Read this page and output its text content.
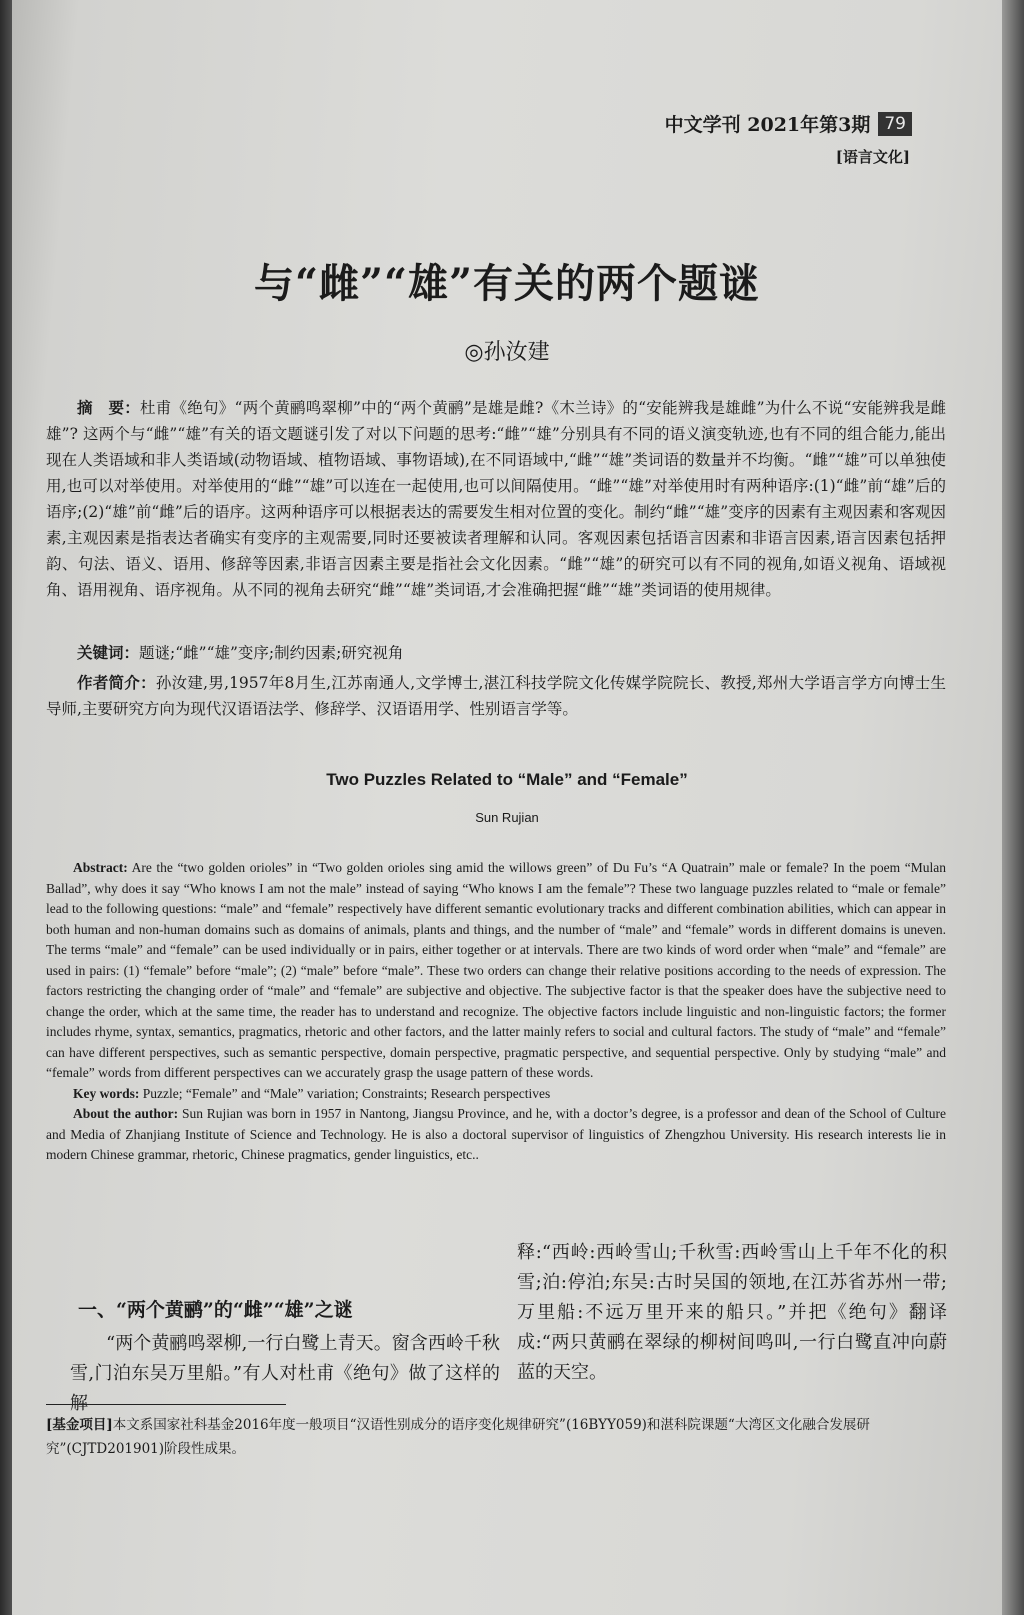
中文学刊 2021年第3期 79
[语言文化]
与“雌”“雄”有关的两个题谜
◎孙汝建

摘　要：杜甫《绝句》“两个黄鹂鸣翠柳”中的“两个黄鹂”是雄是雌?《木兰诗》的“安能辨我是雄雌”为什么不说“安能辨我是雌雄”? 这两个与“雌”“雄”有关的语文题谜引发了对以下问题的思考:“雌”“雄”分别具有不同的语义演变轨迹,也有不同的组合能力,能出现在人类语域和非人类语域(动物语域、植物语域、事物语域),在不同语域中,“雌”“雄”类词语的数量并不均衡。“雌”“雄”可以单独使用,也可以对举使用。对举使用的“雌”“雄”可以连在一起使用,也可以间隔使用。“雌”“雄”对举使用时有两种语序:(1)“雌”前“雄”后的语序;(2)“雄”前“雌”后的语序。这两种语序可以根据表达的需要发生相对位置的变化。制约“雌”“雄”变序的因素有主观因素和客观因素,主观因素是指表达者确实有变序的主观需要,同时还要被读者理解和认同。客观因素包括语言因素和非语言因素,语言因素包括押韵、句法、语义、语用、修辞等因素,非语言因素主要是指社会文化因素。“雌”“雄”的研究可以有不同的视角,如语义视角、语域视角、语用视角、语序视角。从不同的视角去研究“雌”“雄”类词语,才会准确把握“雌”“雄”类词语的使用规律。

关键词：题谜;“雌”“雄”变序;制约因素;研究视角

作者简介：孙汝建,男,1957年8月生,江苏南通人,文学博士,湛江科技学院文化传媒学院院长、教授,郑州大学语言学方向博士生导师,主要研究方向为现代汉语语法学、修辞学、汉语语用学、性别语言学等。

Two Puzzles Related to “Male” and “Female”
Sun Rujian

Abstract: Are the “two golden orioles” in “Two golden orioles sing amid the willows green” of Du Fu’s “A Quatrain” male or female? In the poem “Mulan Ballad”, why does it say “Who knows I am not the male” instead of saying “Who knows I am the female”? These two language puzzles related to “male or female” lead to the following questions: “male” and “female” respectively have different semantic evolutionary tracks and different combination abilities, which can appear in both human and non-human domains such as domains of animals, plants and things, and the number of “male” and “female” words in different domains is uneven. The terms “male” and “female” can be used individually or in pairs, either together or at intervals. There are two kinds of word order when “male” and “female” are used in pairs: (1) “female” before “male”; (2) “male” before “male”. These two orders can change their relative positions according to the needs of expression. The factors restricting the changing order of “male” and “female” are subjective and objective. The subjective factor is that the speaker does have the subjective need to change the order, which at the same time, the reader has to understand and recognize. The objective factors include linguistic and non-linguistic factors; the former includes rhyme, syntax, semantics, pragmatics, rhetoric and other factors, and the latter mainly refers to social and cultural factors. The study of “male” and “female” can have different perspectives, such as semantic perspective, domain perspective, pragmatic perspective, and sequential perspective. Only by studying “male” and “female” words from different perspectives can we accurately grasp the usage pattern of these words.

Key words: Puzzle; “Female” and “Male” variation; Constraints; Research perspectives

About the author: Sun Rujian was born in 1957 in Nantong, Jiangsu Province, and he, with a doctor’s degree, is a professor and dean of the School of Culture and Media of Zhanjiang Institute of Science and Technology. He is also a doctoral supervisor of linguistics of Zhengzhou University. His research interests lie in modern Chinese grammar, rhetoric, Chinese pragmatics, gender linguistics, etc..

一、“两个黄鹂”的“雌”“雄”之谜

“两个黄鹂鸣翠柳,一行白鹭上青天。窗含西岭千秋雪,门泊东吴万里船。”有人对杜甫《绝句》做了这样的解

释:“西岭:西岭雪山;千秋雪:西岭雪山上千年不化的积雪;泊:停泊;东吴:古时吴国的领地,在江苏省苏州一带;万里船:不远万里开来的船只。”并把《绝句》翻译成:“两只黄鹂在翠绿的柳树间鸣叫,一行白鹭直冲向蔚蓝的天空。

[基金项目]本文系国家社科基金2016年度一般项目“汉语性别成分的语序变化规律研究”(16BYY059)和湛科院课题“大湾区文化融合发展研究”(CJTD201901)阶段性成果。
